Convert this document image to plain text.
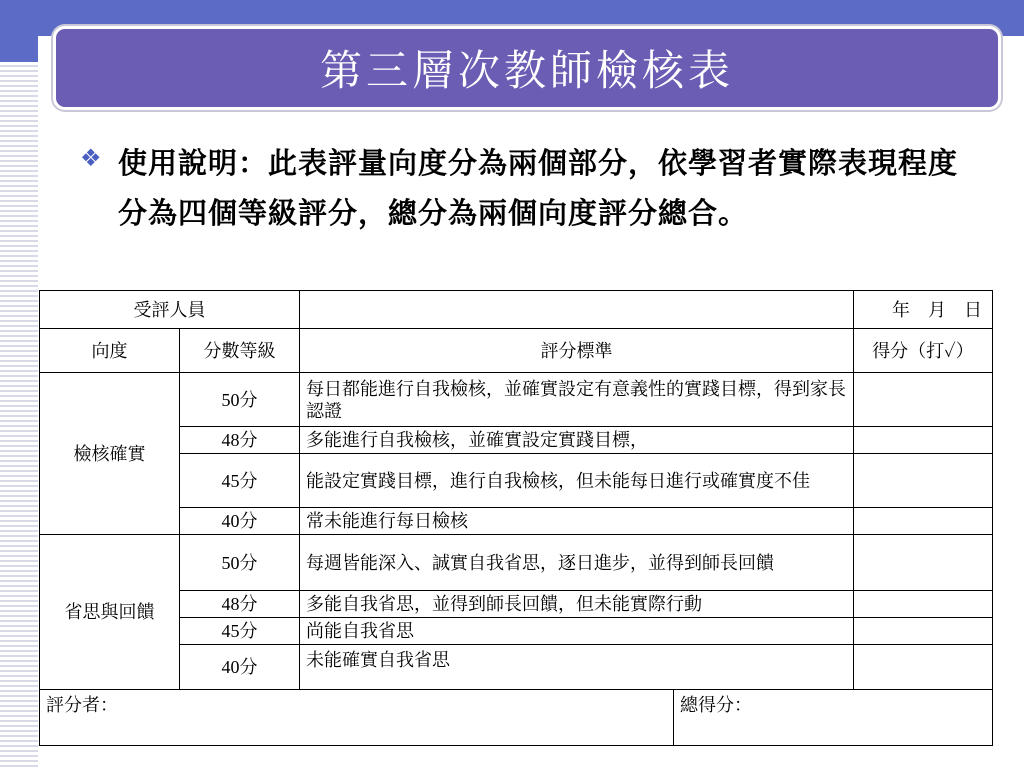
第三層次教師檢核表
❖ 使用說明：此表評量向度分為兩個部分，依學習者實際表現程度分為四個等級評分，總分為兩個向度評分總合。
受評人員				年　月　日
向度	分數等級	評分標準		得分（打✓）
檢核確實	50分	每日都能進行自我檢核，並確實設定有意義性的實踐目標，得到家長認證		
	48分	多能進行自我檢核，並確實設定實踐目標，		
	45分	能設定實踐目標，進行自我檢核，但未能每日進行或確實度不佳		
	40分	常未能進行每日檢核		
省思與回饋	50分	每週皆能深入、誠實自我省思，逐日進步，並得到師長回饋		
	48分	多能自我省思，並得到師長回饋，但未能實際行動		
	45分	尚能自我省思		
	40分	未能確實自我省思		
評分者：			總得分：	
